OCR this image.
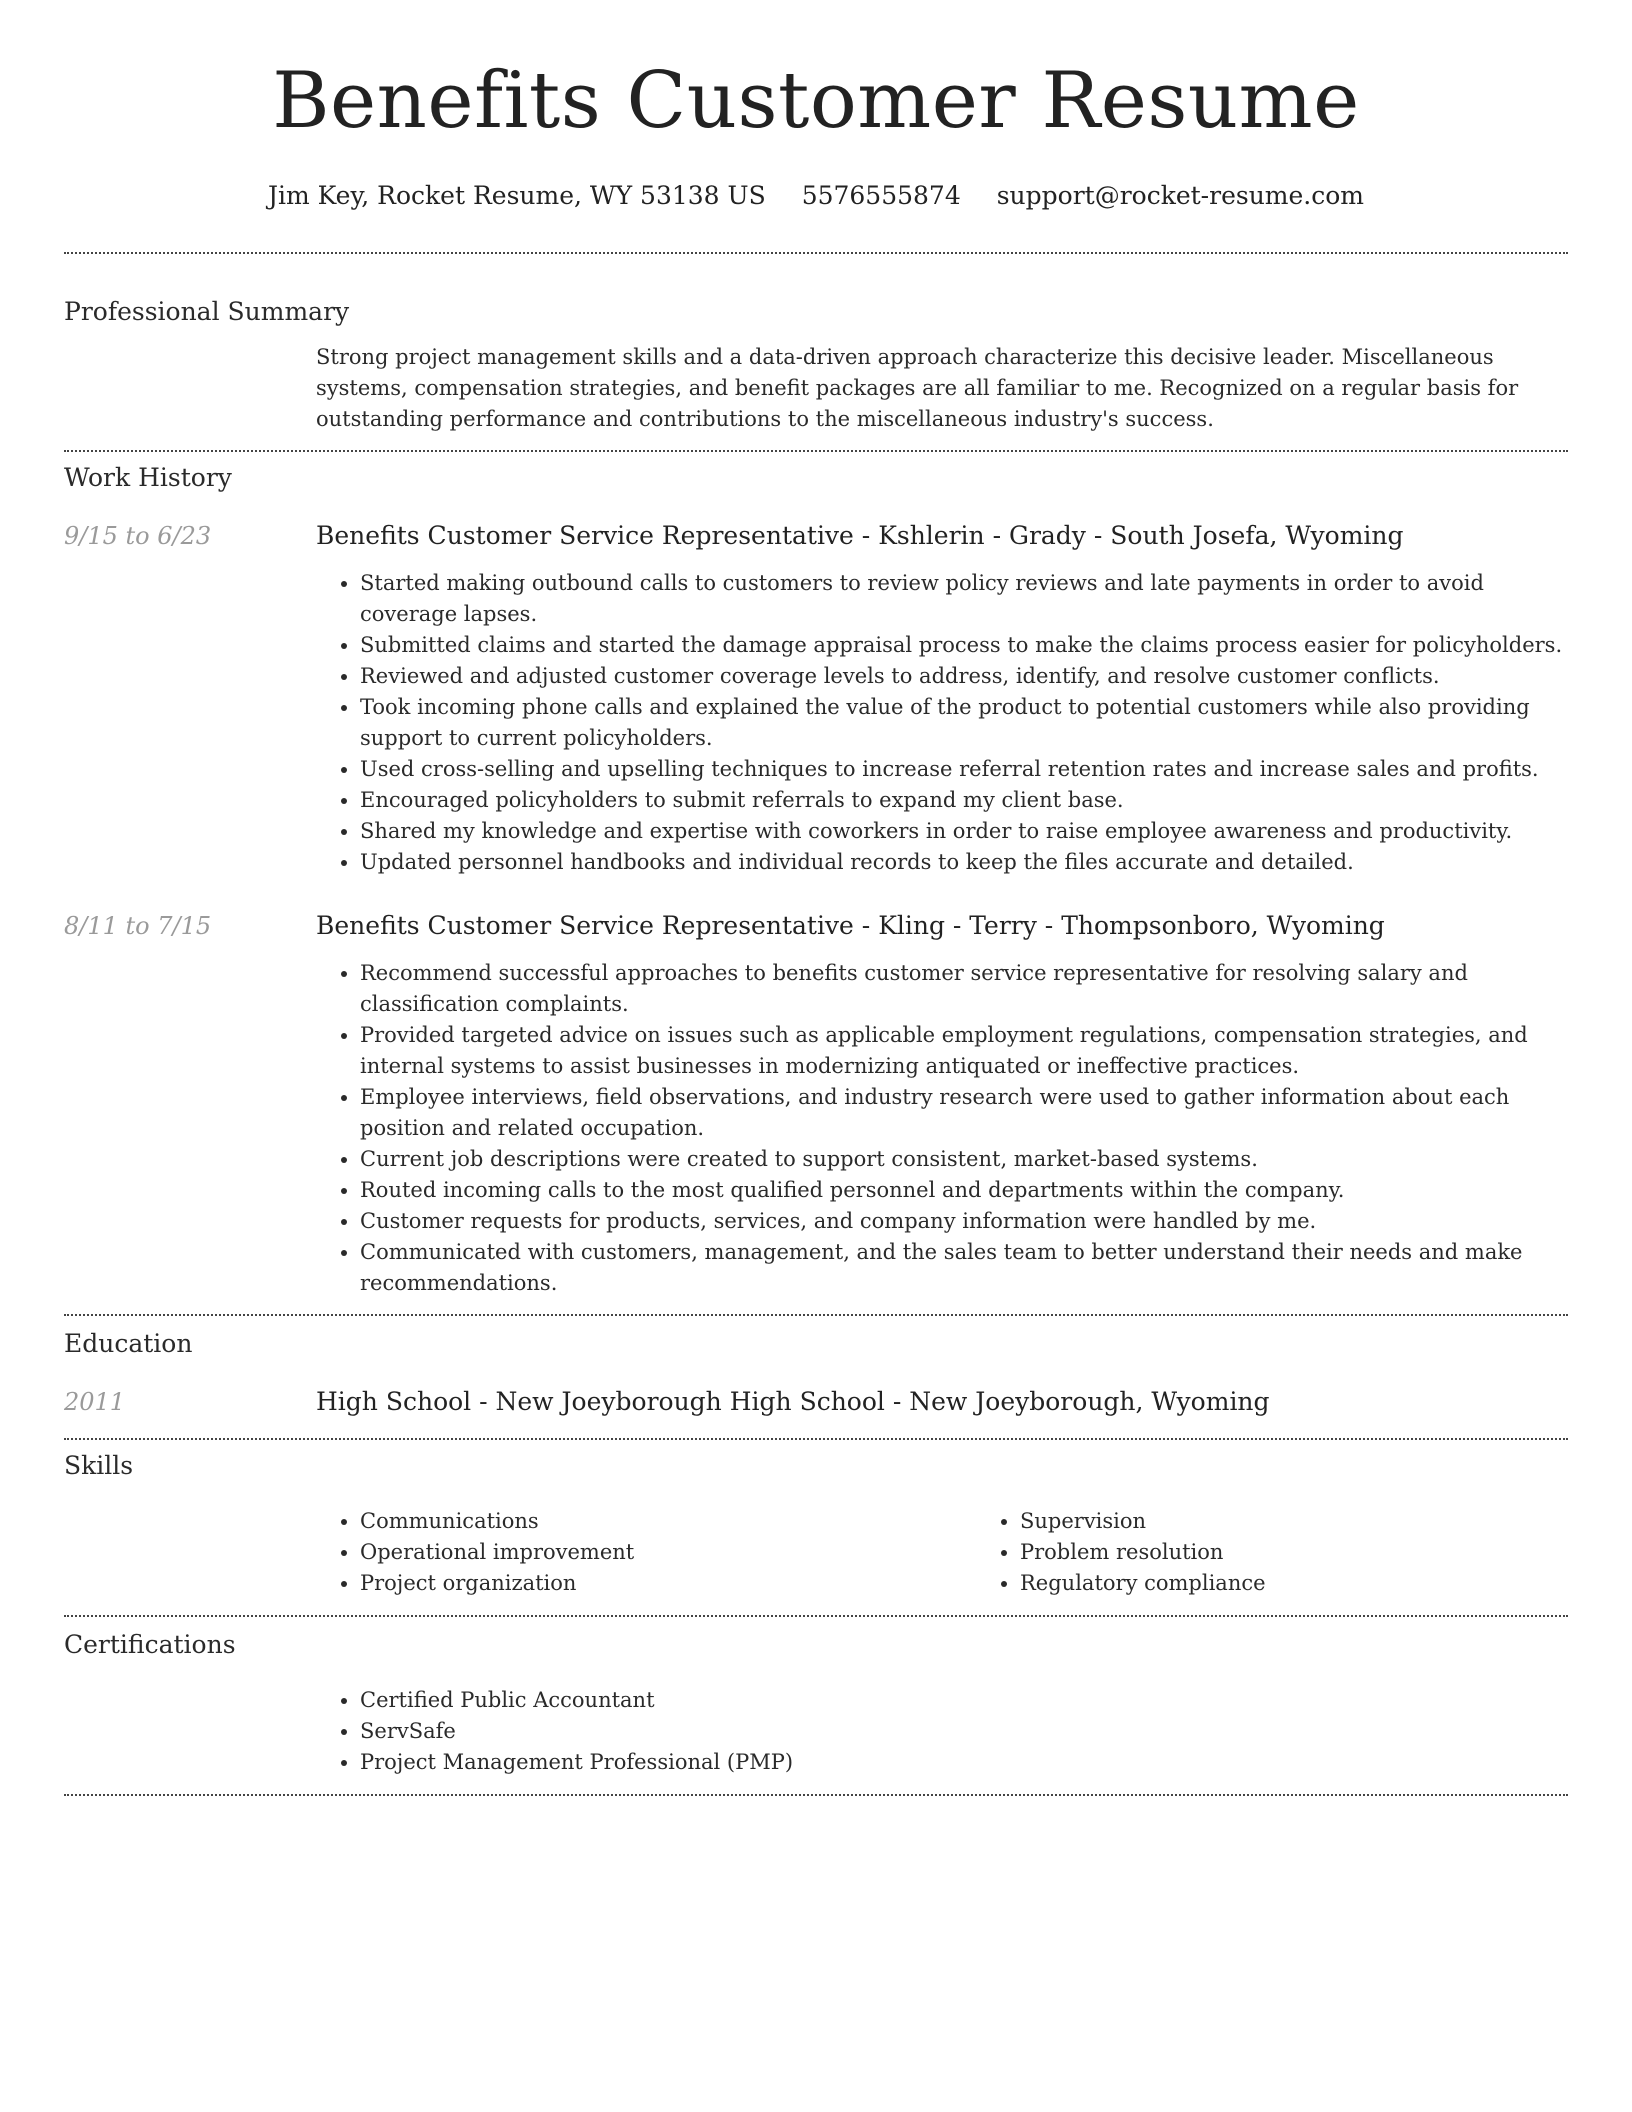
Benefits Customer Resume
Jim Key, Rocket Resume, WY 53138 US 5576555874 support@rocket-resume.com
Professional Summary
Strong project management skills and a data-driven approach characterize this decisive leader. Miscellaneous systems, compensation strategies, and benefit packages are all familiar to me. Recognized on a regular basis for outstanding performance and contributions to the miscellaneous industry's success.
Work History
9/15 to 6/23	Benefits Customer Service Representative - Kshlerin - Grady - South Josefa, Wyoming
• Started making outbound calls to customers to review policy reviews and late payments in order to avoid coverage lapses.
• Submitted claims and started the damage appraisal process to make the claims process easier for policyholders.
• Reviewed and adjusted customer coverage levels to address, identify, and resolve customer conflicts.
• Took incoming phone calls and explained the value of the product to potential customers while also providing support to current policyholders.
• Used cross-selling and upselling techniques to increase referral retention rates and increase sales and profits.
• Encouraged policyholders to submit referrals to expand my client base.
• Shared my knowledge and expertise with coworkers in order to raise employee awareness and productivity.
• Updated personnel handbooks and individual records to keep the files accurate and detailed.
8/11 to 7/15	Benefits Customer Service Representative - Kling - Terry - Thompsonboro, Wyoming
• Recommend successful approaches to benefits customer service representative for resolving salary and classification complaints.
• Provided targeted advice on issues such as applicable employment regulations, compensation strategies, and internal systems to assist businesses in modernizing antiquated or ineffective practices.
• Employee interviews, field observations, and industry research were used to gather information about each position and related occupation.
• Current job descriptions were created to support consistent, market-based systems.
• Routed incoming calls to the most qualified personnel and departments within the company.
• Customer requests for products, services, and company information were handled by me.
• Communicated with customers, management, and the sales team to better understand their needs and make recommendations.
Education
2011	High School - New Joeyborough High School - New Joeyborough, Wyoming
Skills
• Communications
• Operational improvement
• Project organization
• Supervision
• Problem resolution
• Regulatory compliance
Certifications
• Certified Public Accountant
• ServSafe
• Project Management Professional (PMP)
